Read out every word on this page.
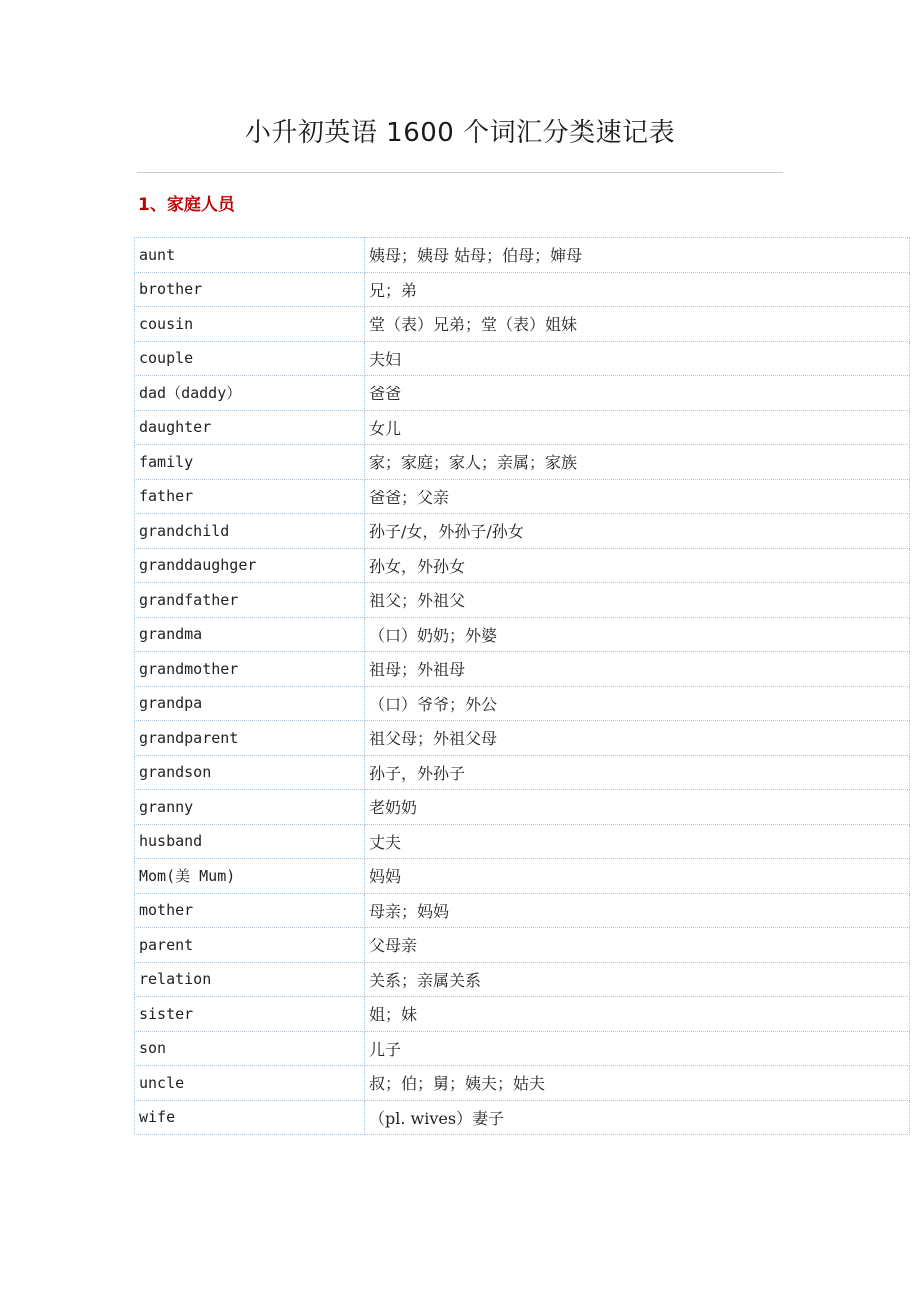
小升初英语 1600 个词汇分类速记表
1、家庭人员
aunt	姨母；姨母 姑母；伯母；婶母
brother	兄；弟
cousin	堂（表）兄弟；堂（表）姐妹
couple	夫妇
dad（daddy）	爸爸
daughter	女儿
family	家；家庭；家人；亲属；家族
father	爸爸；父亲
grandchild	孙子/女，外孙子/孙女
granddaughger	孙女，外孙女
grandfather	祖父；外祖父
grandma	（口）奶奶；外婆
grandmother	祖母；外祖母
grandpa	（口）爷爷；外公
grandparent	祖父母；外祖父母
grandson	孙子，外孙子
granny	老奶奶
husband	丈夫
Mom(美 Mum)	妈妈
mother	母亲；妈妈
parent	父母亲
relation	关系；亲属关系
sister	姐；妹
son	儿子
uncle	叔；伯；舅；姨夫；姑夫
wife	（pl. wives）妻子
